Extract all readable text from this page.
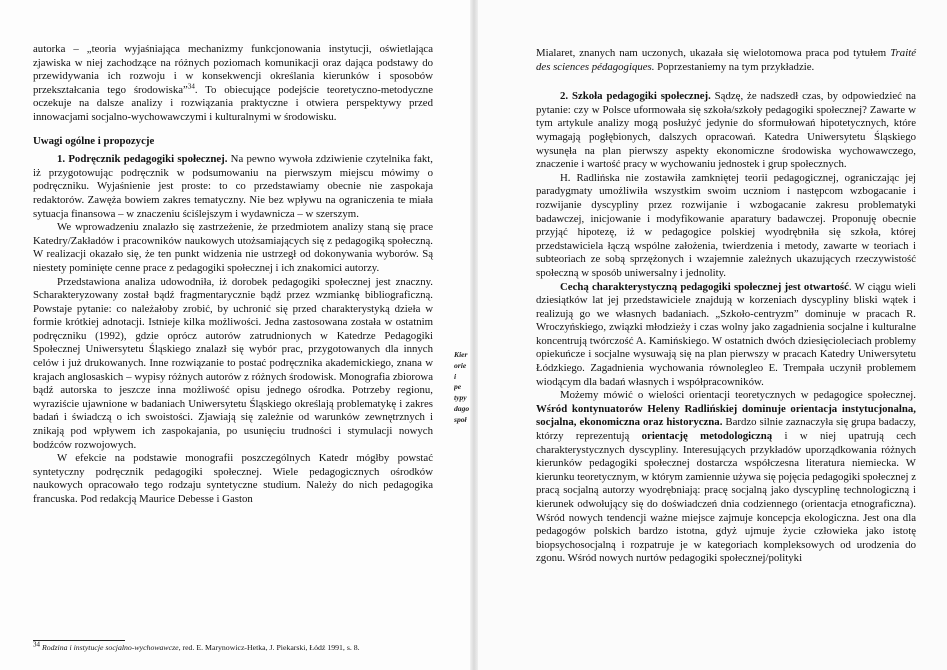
autorka – „teoria wyjaśniająca mechanizmy funkcjonowania instytucji, oświetlająca zjawiska w niej zachodzące na różnych poziomach komunikacji oraz dająca podstawy do przewidywania ich rozwoju i w konsekwencji określania kierunków i sposobów przekształcania tego środowiska”$^{34}$. To obiecujące podejście teoretyczno-metodyczne oczekuje na dalsze analizy i rozwiązania praktyczne i otwiera perspektywy przed innowacjami socjalno-wychowawczymi i kulturalnymi w środowisku.

Uwagi ogólne i propozycje

1. Podręcznik pedagogiki społecznej. Na pewno wywoła zdziwienie czytelnika fakt, iż przygotowując podręcznik w podsumowaniu na pierwszym miejscu mówimy o podręczniku. Wyjaśnienie jest proste: to co przedstawiamy obecnie nie zaspokaja redaktorów. Zawęża bowiem zakres tematyczny. Nie bez wpływu na ograniczenia te miała sytuacja finansowa – w znaczeniu ściślejszym i wydawnicza – w szerszym.

We wprowadzeniu znalazło się zastrzeżenie, że przedmiotem analizy staną się prace Katedry/Zakładów i pracowników naukowych utożsamiających się z pedagogiką społeczną. W realizacji okazało się, że ten punkt widzenia nie ustrzegł od dokonywania wyborów. Są niestety pominięte cenne prace z pedagogiki społecznej i ich znakomici autorzy.

Przedstawiona analiza udowodniła, iż dorobek pedagogiki społecznej jest znaczny. Scharakteryzowany został bądź fragmentarycznie bądź przez wzmiankę bibliograficzną. Powstaje pytanie: co należałoby zrobić, by uchronić się przed charakterystyką dzieła w formie krótkiej adnotacji. Istnieje kilka możliwości. Jedna zastosowana została w ostatnim podręczniku (1992), gdzie oprócz autorów zatrudnionych w Katedrze Pedagogiki Społecznej Uniwersytetu Śląskiego znalazł się wybór prac, przygotowanych dla innych celów i już drukowanych. Inne rozwiązanie to postać podręcznika akademickiego, znana w krajach anglosaskich – wypisy różnych autorów z różnych środowisk. Monografia zbiorowa bądź autorska to jeszcze inna możliwość opisu jednego ośrodka. Potrzeby regionu, wyraziście ujawnione w badaniach Uniwersytetu Śląskiego określają problematykę i zakres badań i świadczą o ich swoistości. Zjawiają się zależnie od warunków zewnętrznych i znikają pod wpływem ich zaspokajania, po usunięciu trudności i stymulacji nowych bodźców rozwojowych.

W efekcie na podstawie monografii poszczególnych Katedr mógłby powstać syntetyczny podręcznik pedagogiki społecznej. Wiele pedagogicznych ośrodków naukowych opracowało tego rodzaju syntetyczne studium. Należy do nich pedagogika francuska. Pod redakcją Maurice Debesse i Gaston

$^{34}$ Rodzina i instytucje socjalno-wychowawcze, red. E. Marynowicz-Hetka, J. Piekarski, Łódź 1991, s. 8.

Mialaret, znanych nam uczonych, ukazała się wielotomowa praca pod tytułem Traité des sciences pédagogiques. Poprzestaniemy na tym przykładzie.

2. Szkoła pedagogiki społecznej. Sądzę, że nadszedł czas, by odpowiedzieć na pytanie: czy w Polsce uformowała się szkoła/szkoły pedagogiki społecznej? Zawarte w tym artykule analizy mogą posłużyć jedynie do sformułowań hipotetycznych, które wymagają pogłębionych, dalszych opracowań. Katedra Uniwersytetu Śląskiego wysunęła na plan pierwszy aspekty ekonomiczne środowiska wychowawczego, znaczenie i wartość pracy w wychowaniu jednostek i grup społecznych.

H. Radlińska nie zostawiła zamkniętej teorii pedagogicznej, ograniczając jej paradygmaty umożliwiła wszystkim swoim uczniom i następcom wzbogacanie i rozwijanie dyscypliny przez rozwijanie i wzbogacanie zakresu problematyki badawczej, inicjowanie i modyfikowanie aparatury badawczej. Proponuję obecnie przyjąć hipotezę, iż w pedagogice polskiej wyodrębniła się szkoła, której przedstawiciela łączą wspólne założenia, twierdzenia i metody, zawarte w teoriach i subteoriach ze sobą sprzężonych i wzajemnie zależnych ukazujących rzeczywistość społeczną w sposób uniwersalny i jednolity.

Cechą charakterystyczną pedagogiki społecznej jest otwartość. W ciągu wieli dziesiątków lat jej przedstawiciele znajdują w korzeniach dyscypliny bliski wątek i realizują go we własnych badaniach. „Szkoło-centryzm” dominuje w pracach R. Wroczyńskiego, związki młodzieży i czas wolny jako zagadnienia socjalne i kulturalne koncentrują twórczość A. Kamińskiego. W ostatnich dwóch dziesięcioleciach problemy opiekuńcze i socjalne wysuwają się na plan pierwszy w pracach Katedry Uniwersytetu Łódzkiego. Zagadnienia wychowania równolegleo E. Trempała uczynił problemem wiodącym dla badań własnych i współpracowników.

Możemy mówić o wielości orientacji teoretycznych w pedagogice społecznej. Wśród kontynuatorów Heleny Radlińskiej dominuje orientacja instytucjonalna, socjalna, ekonomiczna oraz historyczna. Bardzo silnie zaznaczyła się grupa badaczy, którzy reprezentują orientację metodologiczną i w niej upatrują cech charakterystycznych dyscypliny. Interesujących przykładów uporządkowania różnych kierunków pedagogiki społecznej dostarcza współczesna literatura niemiecka. W kierunku teoretycznym, w którym zamiennie używa się pojęcia pedagogiki społecznej z pracą socjalną autorzy wyodrębniają: pracę socjalną jako dyscyplinę technologiczną i kierunek odwołujący się do doświadczeń dnia codziennego (orientacja etnograficzna). Wśród nowych tendencji ważne miejsce zajmuje koncepcja ekologiczna. Jest ona dla pedagogów polskich bardzo istotna, gdyż ujmuje życie człowieka jako istotę biopsychosocjalną i rozpatruje je w kategoriach kompleksowych od urodzenia do zgonu. Wśród nowych nurtów pedagogiki społecznej/polityki

Kier
orie
i
pe
typy
dago
społ
